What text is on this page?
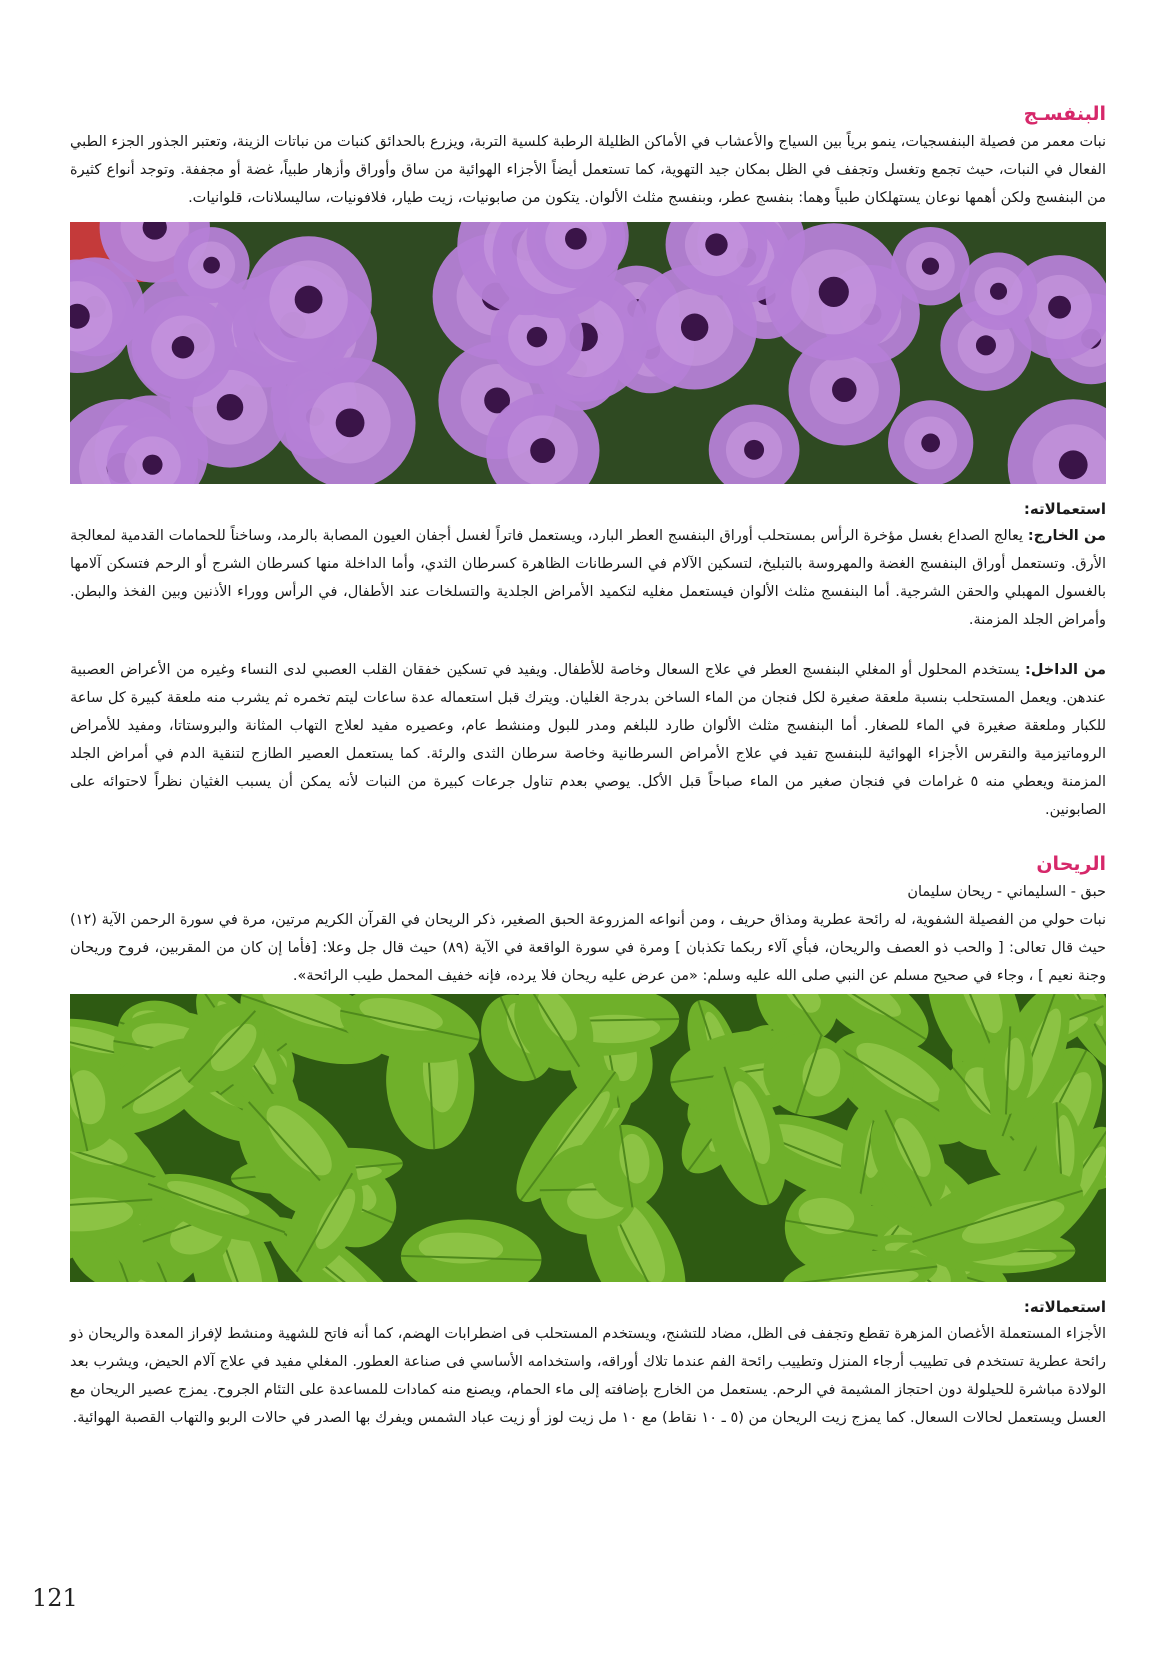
البنفسـج

نبات معمر من فصيلة البنفسجيات، ينمو برياً بين السياج والأعشاب في الأماكن الظليلة الرطبة كلسية التربة، ويزرع بالحدائق كنبات من نباتات الزينة، وتعتبر الجذور الجزء الطبي الفعال في النبات، حيث تجمع وتغسل وتجفف في الظل بمكان جيد التهوية، كما تستعمل أيضاً الأجزاء الهوائية من ساق وأوراق وأزهار طبياً، غضة أو مجففة. وتوجد أنواع كثيرة من البنفسج ولكن أهمها نوعان يستهلكان طبياً وهما: بنفسج عطر، وبنفسج مثلث الألوان. يتكون من صابونيات، زيت طيار، فلافونيات، ساليسلانات، قلوانيات.

استعمالاته:

من الخارج: يعالج الصداع بغسل مؤخرة الرأس بمستحلب أوراق البنفسج العطر البارد، ويستعمل فاتراً لغسل أجفان العيون المصابة بالرمد، وساخناً للحمامات القدمية لمعالجة الأرق. وتستعمل أوراق البنفسج الغضة والمهروسة بالتبليخ، لتسكين الآلام في السرطانات الظاهرة كسرطان الثدي، وأما الداخلة منها كسرطان الشرج أو الرحم فتسكن آلامها بالغسول المهبلي والحقن الشرجية. أما البنفسج مثلث الألوان فيستعمل مغليه لتكميد الأمراض الجلدية والتسلخات عند الأطفال، في الرأس ووراء الأذنين وبين الفخذ والبطن. وأمراض الجلد المزمنة.

من الداخل: يستخدم المحلول أو المغلي البنفسج العطر في علاج السعال وخاصة للأطفال. ويفيد في تسكين خفقان القلب العصبي لدى النساء وغيره من الأعراض العصبية عندهن. ويعمل المستحلب بنسبة ملعقة صغيرة لكل فنجان من الماء الساخن بدرجة الغليان. ويترك قبل استعماله عدة ساعات ليتم تخمره ثم يشرب منه ملعقة كبيرة كل ساعة للكبار وملعقة صغيرة في الماء للصغار. أما البنفسج مثلث الألوان طارد للبلغم ومدر للبول ومنشط عام، وعصيره مفيد لعلاج التهاب المثانة والبروستاتا، ومفيد للأمراض الروماتيزمية والنقرس الأجزاء الهوائية للبنفسج تفيد في علاج الأمراض السرطانية وخاصة سرطان الثدى والرئة. كما يستعمل العصير الطازج لتنقية الدم في أمراض الجلد المزمنة ويعطي منه ٥ غرامات في فنجان صغير من الماء صباحاً قبل الأكل. يوصي بعدم تناول جرعات كبيرة من النبات لأنه يمكن أن يسبب الغثيان نظراً لاحتوائه على الصابونين.

الريحان

حبق - السليماني - ريحان سليمان

نبات حولي من الفصيلة الشفوية، له رائحة عطرية ومذاق حريف ، ومن أنواعه المزروعة الحبق الصغير، ذكر الريحان في القرآن الكريم مرتين، مرة في سورة الرحمن الآية (١٢) حيث قال تعالى: [ والحب ذو العصف والريحان، فبأي آلاء ربكما تكذبان ] ومرة في سورة الواقعة في الآية (٨٩) حيث قال جل وعلا: [فأما إن كان من المقربين، فروح وريحان وجنة نعيم ] ، وجاء في صحيح مسلم عن النبي صلى الله عليه وسلم: «من عرض عليه ريحان فلا يرده، فإنه خفيف المحمل طيب الرائحة».

استعمالاته:

الأجزاء المستعملة الأغصان المزهرة تقطع وتجفف فى الظل، مضاد للتشنج، ويستخدم المستحلب فى اضطرابات الهضم، كما أنه فاتح للشهية ومنشط لإفراز المعدة والريحان ذو رائحة عطرية تستخدم فى تطييب أرجاء المنزل وتطييب رائحة الفم عندما تلاك أوراقه، واستخدامه الأساسي فى صناعة العطور. المغلي مفيد في علاج آلام الحيض، ويشرب بعد الولادة مباشرة للحيلولة دون احتجاز المشيمة في الرحم. يستعمل من الخارج بإضافته إلى ماء الحمام، ويصنع منه كمادات للمساعدة على التئام الجروح. يمزج عصير الريحان مع العسل ويستعمل لحالات السعال. كما يمزج زيت الريحان من (٥ ـ ١٠ نقاط) مع ١٠ مل زيت لوز أو زيت عباد الشمس ويفرك بها الصدر في حالات الربو والتهاب القصبة الهوائية.

121
